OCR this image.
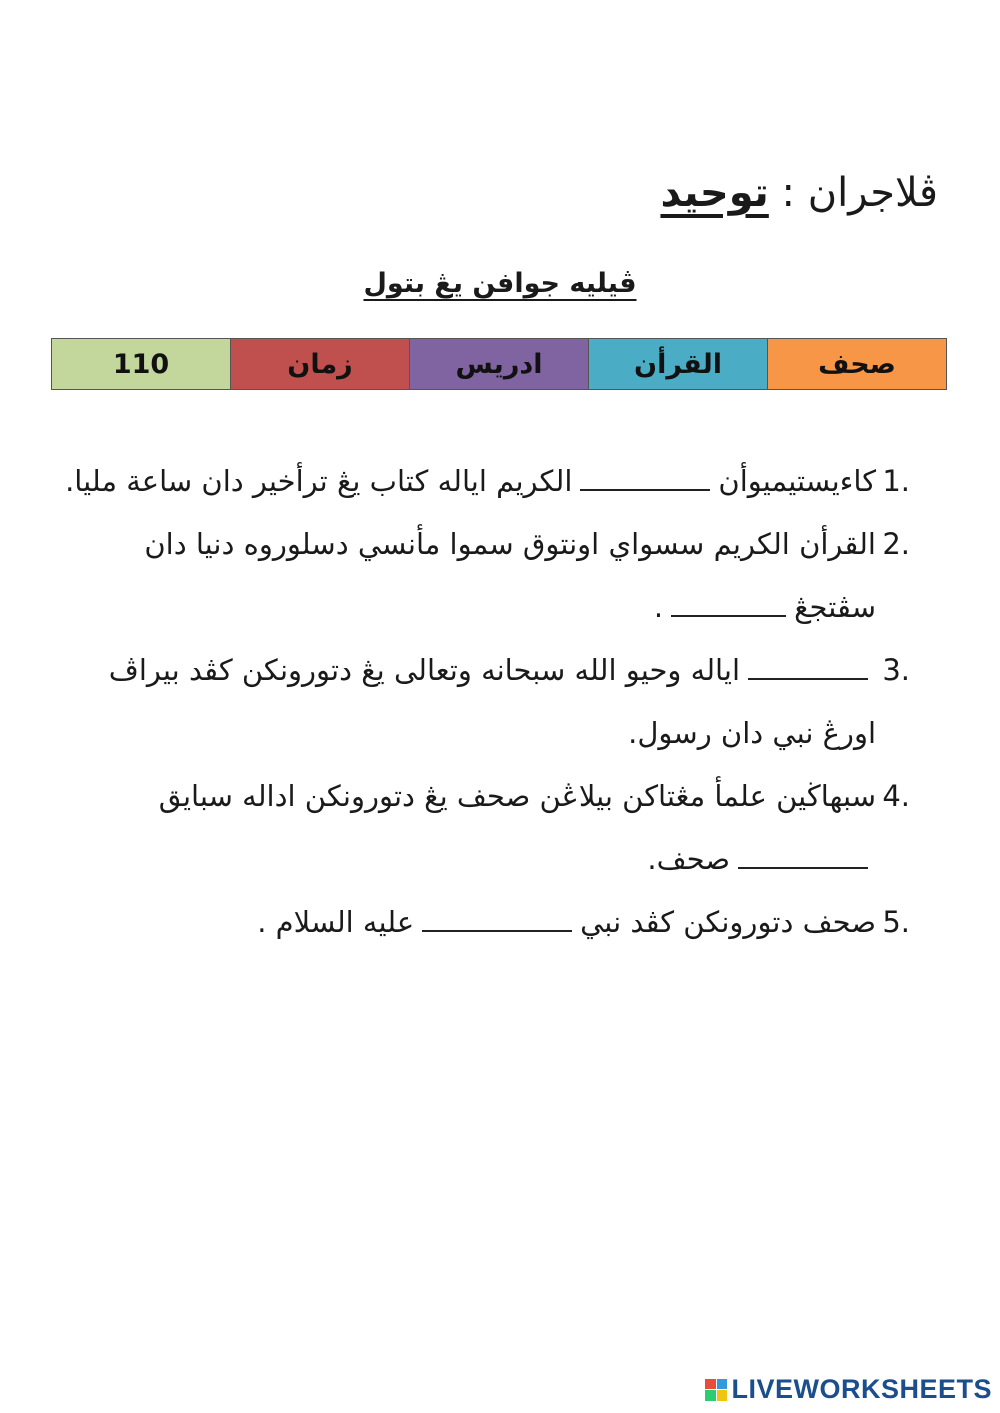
ڤلاجران : توحيد
ڤيليه جوافن يڠ بتول
صحف
القرأن
ادريس
زمان
110
1.
كاءيستيميوأنالكريم اياله كتاب يڠ ترأخير دان ساعة مليا.
2.
القرأن الكريم سسواي اونتوق سموا مأنسي دسلوروه دنيا دان سڤتجڠ.
3.
اياله وحيو الله سبحانه وتعالى يڠ دتورونكن كڤد بيراڤ اورڠ نبي دان رسول.
4.
سبهاڬين علمأ مڠتاكن بيلاڠن صحف يڠ دتورونكن اداله سبايقصحف.
5.
صحف دتورونكن كڤد نبيعليه السلام .
LIVEWORKSHEETS
